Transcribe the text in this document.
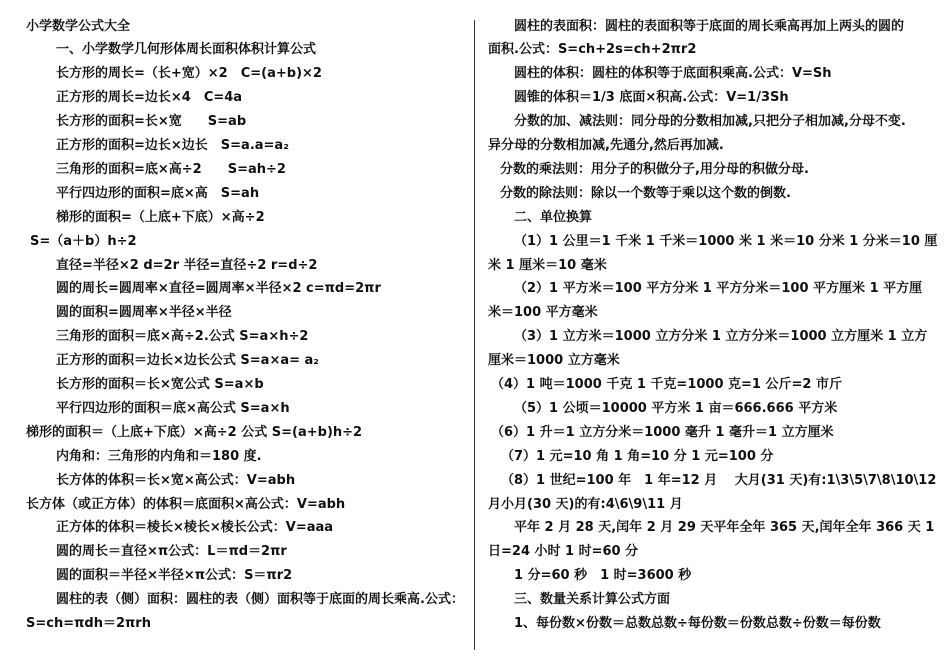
小学数学公式大全
一、小学数学几何形体周长面积体积计算公式
长方形的周长=（长+宽）×2　C=(a+b)×2
正方形的周长=边长×4　C=4a
长方形的面积=长×宽　　S=ab
正方形的面积=边长×边长　S=a.a=a₂
三角形的面积=底×高÷2　　S=ah÷2
平行四边形的面积=底×高　S=ah
梯形的面积=（上底+下底）×高÷2
S=（a＋b）h÷2
直径=半径×2 d=2r 半径=直径÷2 r=d÷2
圆的周长=圆周率×直径=圆周率×半径×2 c=πd=2πr
圆的面积=圆周率×半径×半径
三角形的面积＝底×高÷2.公式 S=a×h÷2
正方形的面积＝边长×边长公式 S=a×a= a₂
长方形的面积＝长×宽公式 S=a×b
平行四边形的面积＝底×高公式 S=a×h
梯形的面积＝（上底+下底）×高÷2 公式 S=(a+b)h÷2
内角和：三角形的内角和＝180 度.
长方体的体积＝长×宽×高公式：V=abh
长方体（或正方体）的体积＝底面积×高公式：V=abh
正方体的体积＝棱长×棱长×棱长公式：V=aaa
圆的周长＝直径×π公式：L＝πd＝2πr
圆的面积＝半径×半径×π公式：S＝πr2
圆柱的表（侧）面积：圆柱的表（侧）面积等于底面的周长乘高.公式：
S=ch=πdh＝2πrh
圆柱的表面积：圆柱的表面积等于底面的周长乘高再加上两头的圆的
面积.公式：S=ch+2s=ch+2πr2
圆柱的体积：圆柱的体积等于底面积乘高.公式：V=Sh
圆锥的体积＝1/3 底面×积高.公式：V=1/3Sh
分数的加、减法则：同分母的分数相加减,只把分子相加减,分母不变.
异分母的分数相加减,先通分,然后再加减.
分数的乘法则：用分子的积做分子,用分母的积做分母.
分数的除法则：除以一个数等于乘以这个数的倒数.
二、单位换算
（1）1 公里＝1 千米 1 千米＝1000 米 1 米＝10 分米 1 分米＝10 厘
米 1 厘米＝10 毫米
（2）1 平方米＝100 平方分米 1 平方分米＝100 平方厘米 1 平方厘
米＝100 平方毫米
（3）1 立方米＝1000 立方分米 1 立方分米＝1000 立方厘米 1 立方
厘米＝1000 立方毫米
（4）1 吨＝1000 千克 1 千克=1000 克=1 公斤=2 市斤
（5）1 公顷＝10000 平方米 1 亩＝666.666 平方米
（6）1 升＝1 立方分米＝1000 毫升 1 毫升＝1 立方厘米
（7）1 元=10 角 1 角=10 分 1 元=100 分
（8）1 世纪=100 年　1 年=12 月　 大月(31 天)有:1\3\5\7\8\10\12
月小月(30 天)的有:4\6\9\11 月
平年 2 月 28 天,闰年 2 月 29 天平年全年 365 天,闰年全年 366 天 1
日=24 小时 1 时=60 分
1 分=60 秒　1 时=3600 秒
三、数量关系计算公式方面
1、每份数×份数＝总数总数÷每份数＝份数总数÷份数＝每份数
